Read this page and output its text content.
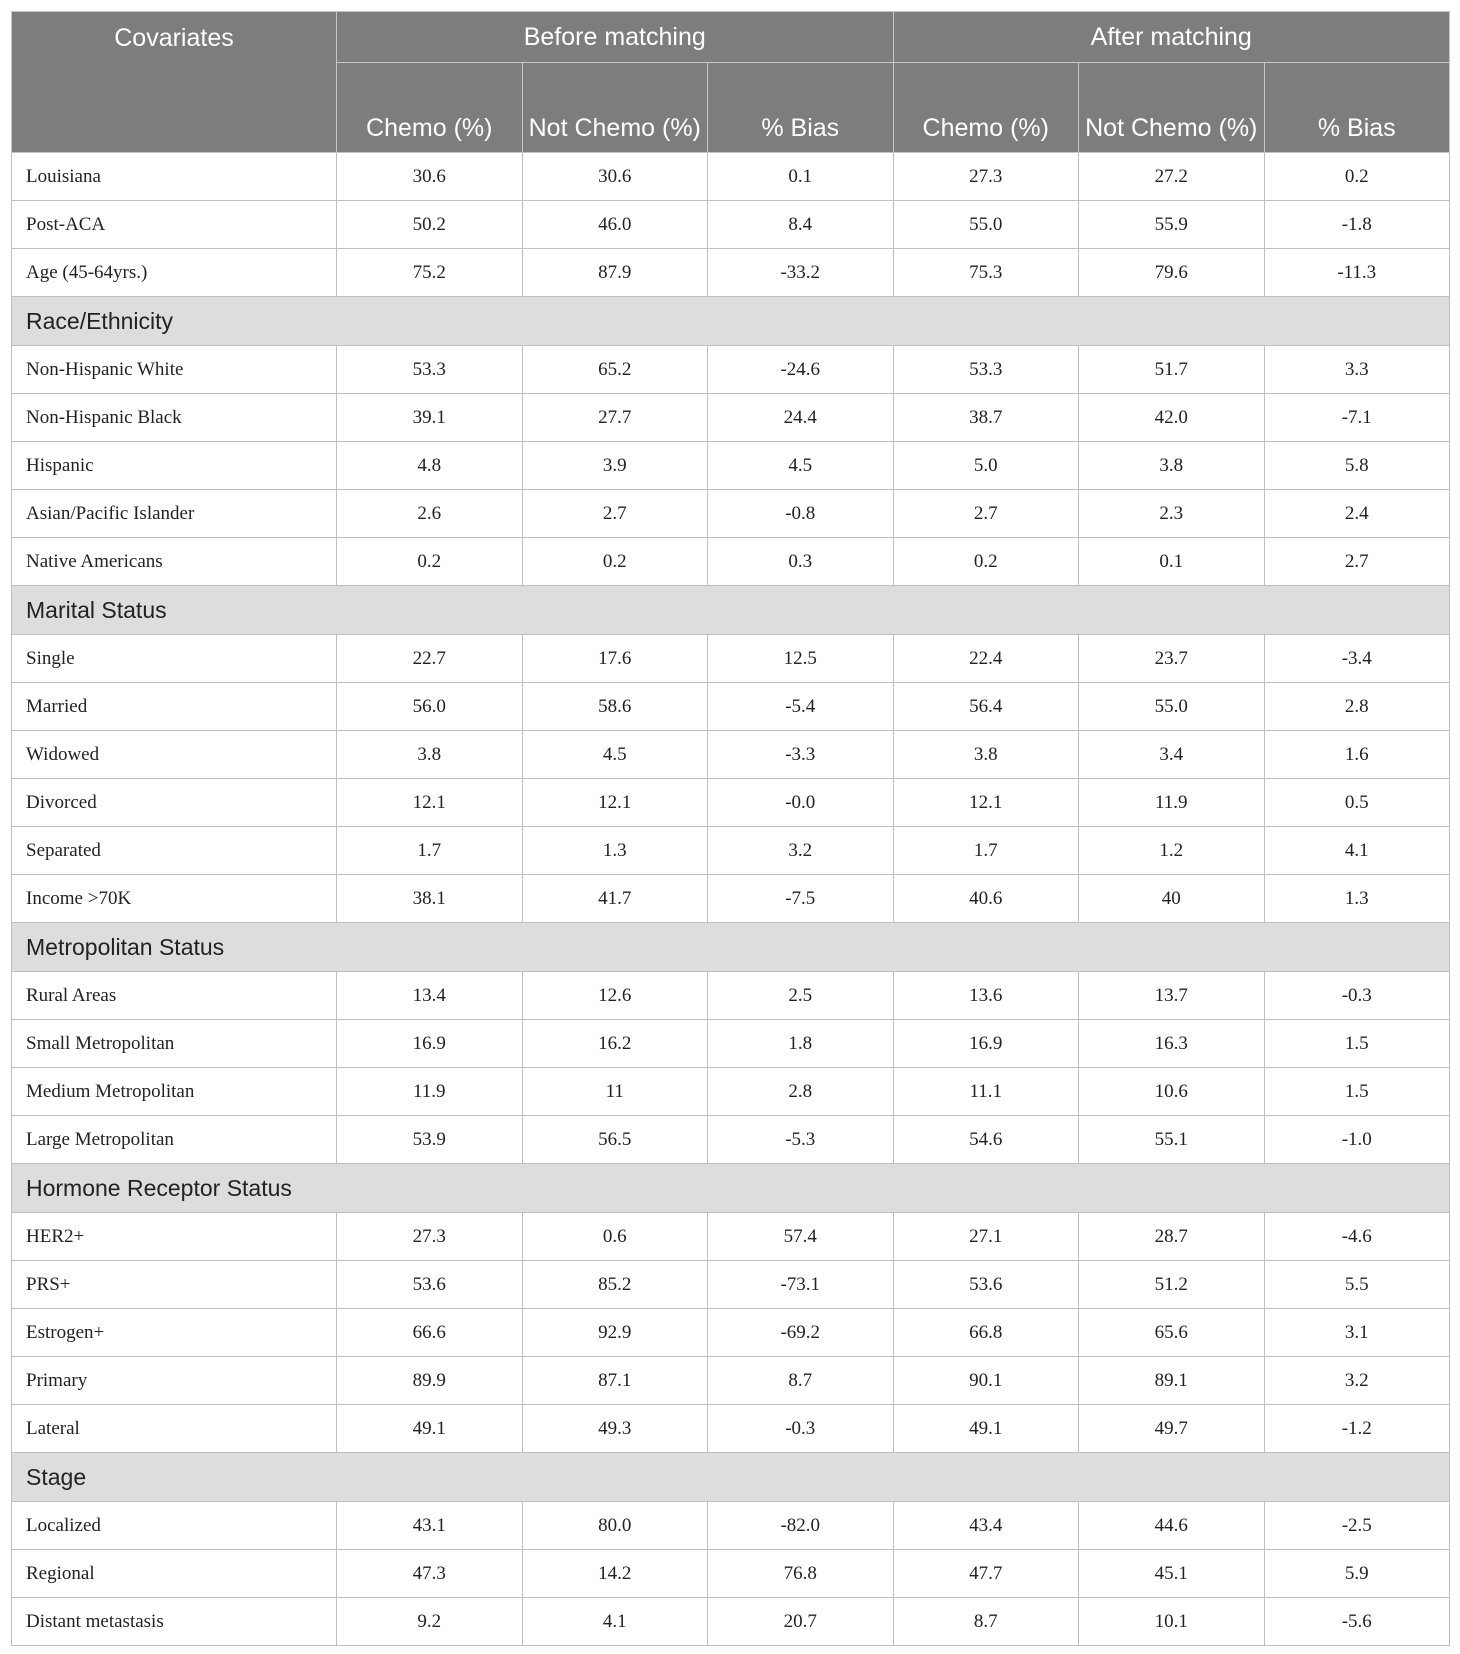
Covariates	Before matching			After matching		
	Chemo (%)	Not Chemo (%)	% Bias	Chemo (%)	Not Chemo (%)	% Bias
Louisiana	30.6	30.6	0.1	27.3	27.2	0.2
Post-ACA	50.2	46.0	8.4	55.0	55.9	-1.8
Age (45-64yrs.)	75.2	87.9	-33.2	75.3	79.6	-11.3
Race/Ethnicity						
Non-Hispanic White	53.3	65.2	-24.6	53.3	51.7	3.3
Non-Hispanic Black	39.1	27.7	24.4	38.7	42.0	-7.1
Hispanic	4.8	3.9	4.5	5.0	3.8	5.8
Asian/Pacific Islander	2.6	2.7	-0.8	2.7	2.3	2.4
Native Americans	0.2	0.2	0.3	0.2	0.1	2.7
Marital Status						
Single	22.7	17.6	12.5	22.4	23.7	-3.4
Married	56.0	58.6	-5.4	56.4	55.0	2.8
Widowed	3.8	4.5	-3.3	3.8	3.4	1.6
Divorced	12.1	12.1	-0.0	12.1	11.9	0.5
Separated	1.7	1.3	3.2	1.7	1.2	4.1
Income >70K	38.1	41.7	-7.5	40.6	40	1.3
Metropolitan Status						
Rural Areas	13.4	12.6	2.5	13.6	13.7	-0.3
Small Metropolitan	16.9	16.2	1.8	16.9	16.3	1.5
Medium Metropolitan	11.9	11	2.8	11.1	10.6	1.5
Large Metropolitan	53.9	56.5	-5.3	54.6	55.1	-1.0
Hormone Receptor Status						
HER2+	27.3	0.6	57.4	27.1	28.7	-4.6
PRS+	53.6	85.2	-73.1	53.6	51.2	5.5
Estrogen+	66.6	92.9	-69.2	66.8	65.6	3.1
Primary	89.9	87.1	8.7	90.1	89.1	3.2
Lateral	49.1	49.3	-0.3	49.1	49.7	-1.2
Stage						
Localized	43.1	80.0	-82.0	43.4	44.6	-2.5
Regional	47.3	14.2	76.8	47.7	45.1	5.9
Distant metastasis	9.2	4.1	20.7	8.7	10.1	-5.6
